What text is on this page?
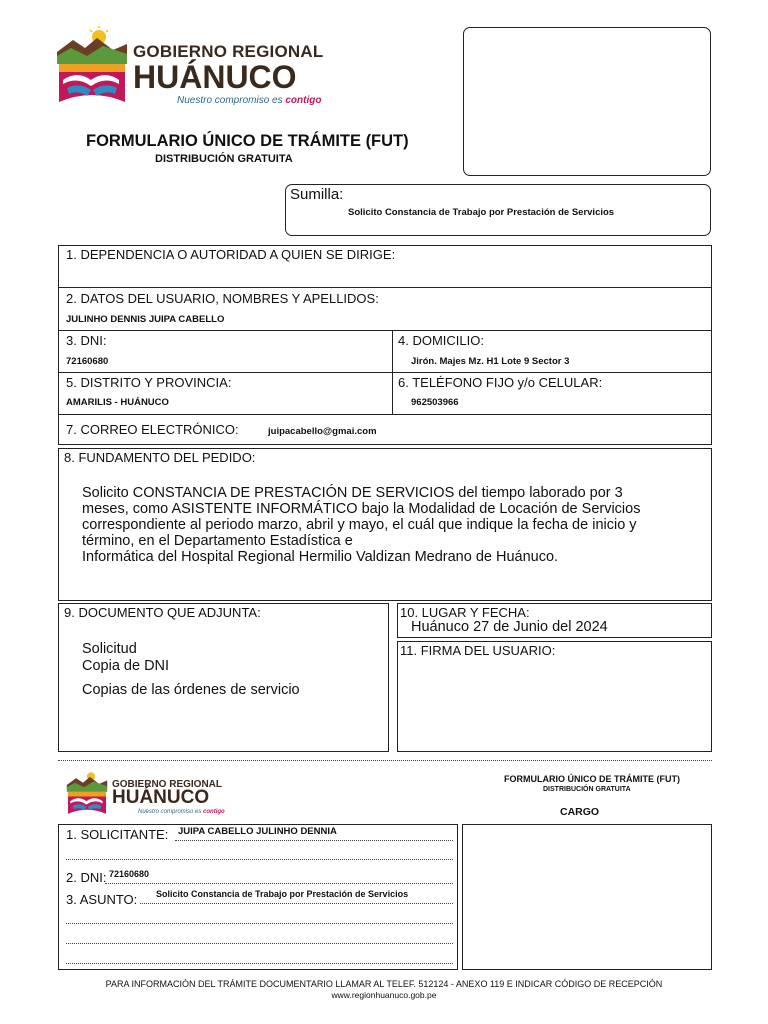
GOBIERNO REGIONAL
HUÁNUCO
Nuestro compromiso es contigo
FORMULARIO ÚNICO DE TRÁMITE (FUT)
DISTRIBUCIÓN GRATUITA
Sumilla:
Solicito Constancia de Trabajo por Prestación de Servicios
1. DEPENDENCIA O AUTORIDAD A QUIEN SE DIRIGE:
2. DATOS DEL USUARIO, NOMBRES Y APELLIDOS:
JULINHO DENNIS JUIPA CABELLO
3. DNI:
72160680
4. DOMICILIO:
Jirón. Majes Mz. H1 Lote 9 Sector 3
5. DISTRITO Y PROVINCIA:
AMARILIS - HUÁNUCO
6. TELÉFONO FIJO y/o CELULAR:
962503966
7. CORREO ELECTRÓNICO:	juipacabello@gmai.com
8. FUNDAMENTO DEL PEDIDO:
Solicito CONSTANCIA DE PRESTACIÓN DE SERVICIOS del tiempo laborado por 3
meses, como ASISTENTE INFORMÁTICO bajo la Modalidad de Locación de Servicios
correspondiente al periodo marzo, abril y mayo, el cuál que indique la fecha de inicio y
término, en el Departamento Estadística e
Informática del Hospital Regional Hermilio Valdizan Medrano de Huánuco.
9. DOCUMENTO QUE ADJUNTA:
Solicitud
Copia de DNI
Copias de las órdenes de servicio
10. LUGAR Y FECHA:
Huánuco 27 de Junio del 2024
11. FIRMA DEL USUARIO:
GOBIERNO REGIONAL
HUÁNUCO
Nuestro compromiso es contigo
FORMULARIO ÚNICO DE TRÁMITE (FUT)
DISTRIBUCIÓN GRATUITA
CARGO
1. SOLICITANTE: JUIPA CABELLO JULINHO DENNIA
2. DNI: 72160680
3. ASUNTO: Solicito Constancia de Trabajo por Prestación de Servicios
PARA INFORMACIÓN DEL TRÁMITE DOCUMENTARIO LLAMAR AL TELEF. 512124 - ANEXO 119 E INDICAR CÓDIGO DE RECEPCIÓN
www.regionhuanuco.gob.pe
